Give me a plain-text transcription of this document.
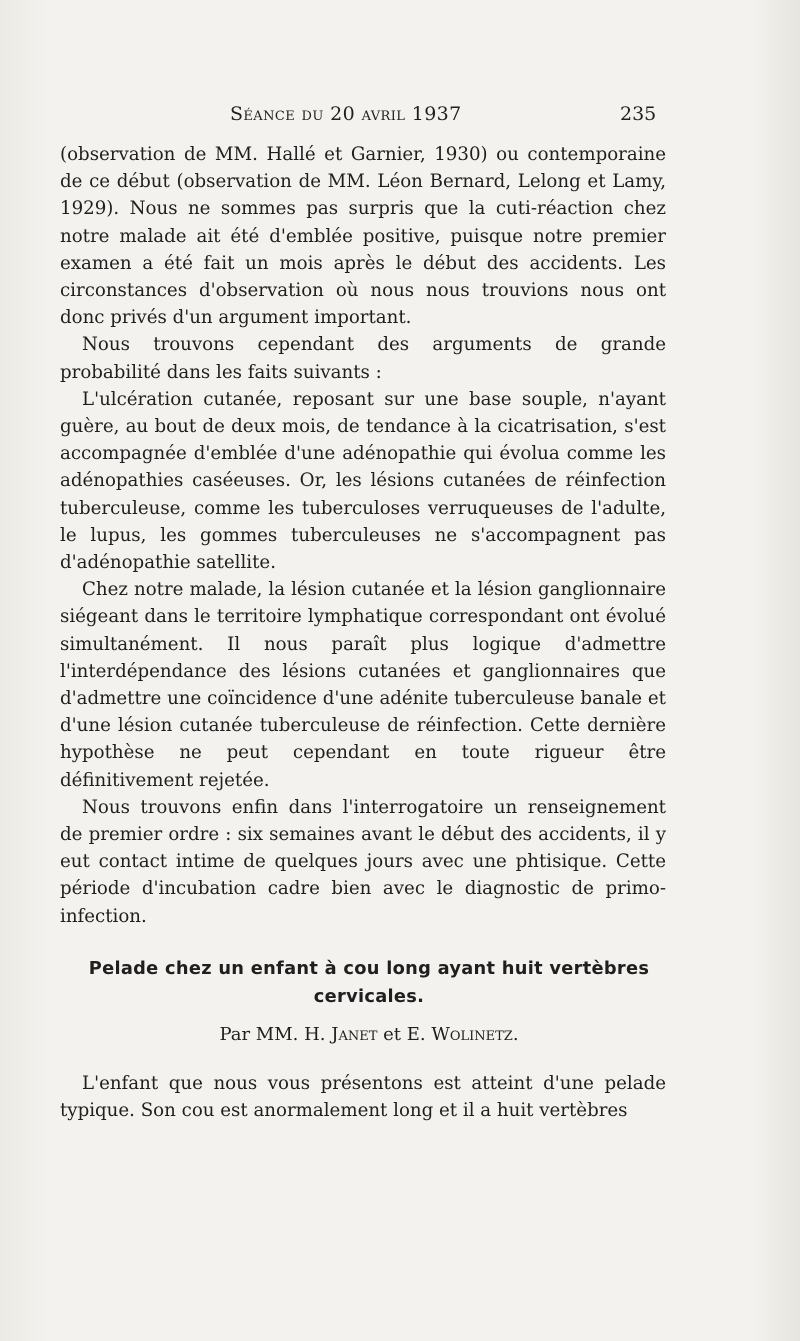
Séance du 20 avril 1937	235

(observation de MM. Hallé et Garnier, 1930) ou contemporaine de ce début (observation de MM. Léon Bernard, Lelong et Lamy, 1929). Nous ne sommes pas surpris que la cuti-réaction chez notre malade ait été d'emblée positive, puisque notre premier examen a été fait un mois après le début des accidents. Les circonstances d'observation où nous nous trouvions nous ont donc privés d'un argument important.

Nous trouvons cependant des arguments de grande probabilité dans les faits suivants :

L'ulcération cutanée, reposant sur une base souple, n'ayant guère, au bout de deux mois, de tendance à la cicatrisation, s'est accompagnée d'emblée d'une adénopathie qui évolua comme les adénopathies caséeuses. Or, les lésions cutanées de réinfection tuberculeuse, comme les tuberculoses verruqueuses de l'adulte, le lupus, les gommes tuberculeuses ne s'accompagnent pas d'adénopathie satellite.

Chez notre malade, la lésion cutanée et la lésion ganglionnaire siégeant dans le territoire lymphatique correspondant ont évolué simultanément. Il nous paraît plus logique d'admettre l'interdépendance des lésions cutanées et ganglionnaires que d'admettre une coïncidence d'une adénite tuberculeuse banale et d'une lésion cutanée tuberculeuse de réinfection. Cette dernière hypothèse ne peut cependant en toute rigueur être définitivement rejetée.

Nous trouvons enfin dans l'interrogatoire un renseignement de premier ordre : six semaines avant le début des accidents, il y eut contact intime de quelques jours avec une phtisique. Cette période d'incubation cadre bien avec le diagnostic de primo-infection.

Pelade chez un enfant à cou long ayant huit vertèbres cervicales.
Par MM. H. Janet et E. Wolinetz.

L'enfant que nous vous présentons est atteint d'une pelade typique. Son cou est anormalement long et il a huit vertèbres
